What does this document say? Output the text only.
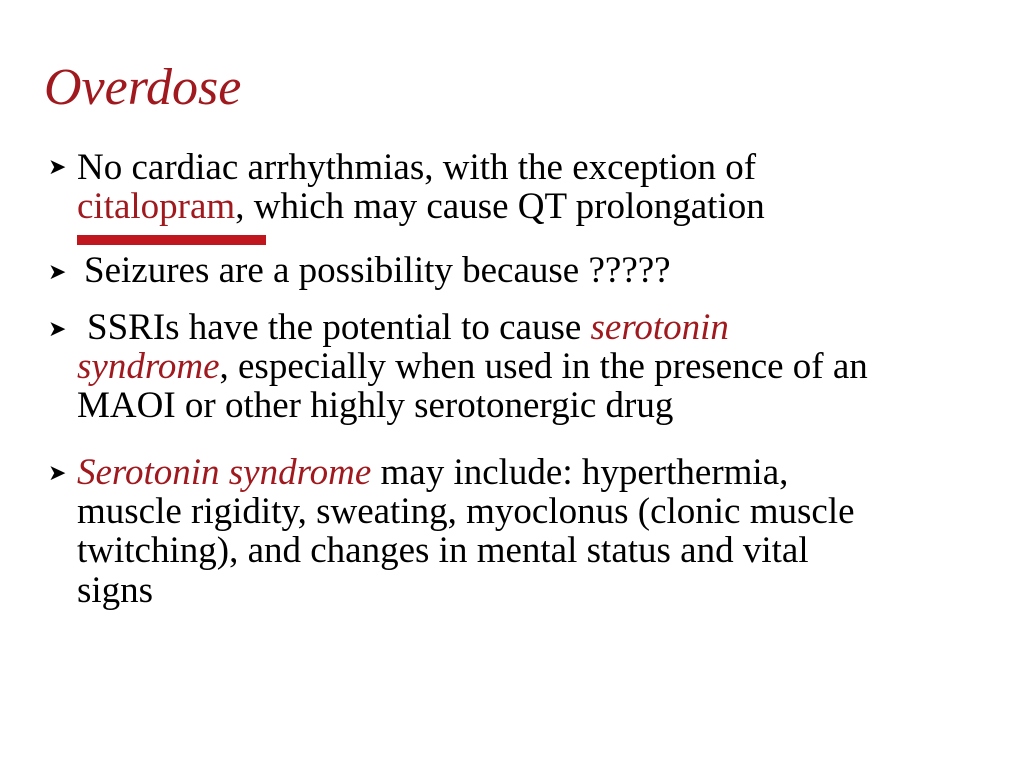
Overdose
➤ No cardiac arrhythmias, with the exception of
citalopram, which may cause QT prolongation
➤ Seizures are a possibility because ?????
➤ SSRIs have the potential to cause serotonin
syndrome, especially when used in the presence of an
MAOI or other highly serotonergic drug
➤ Serotonin syndrome may include: hyperthermia,
muscle rigidity, sweating, myoclonus (clonic muscle
twitching), and changes in mental status and vital
signs
